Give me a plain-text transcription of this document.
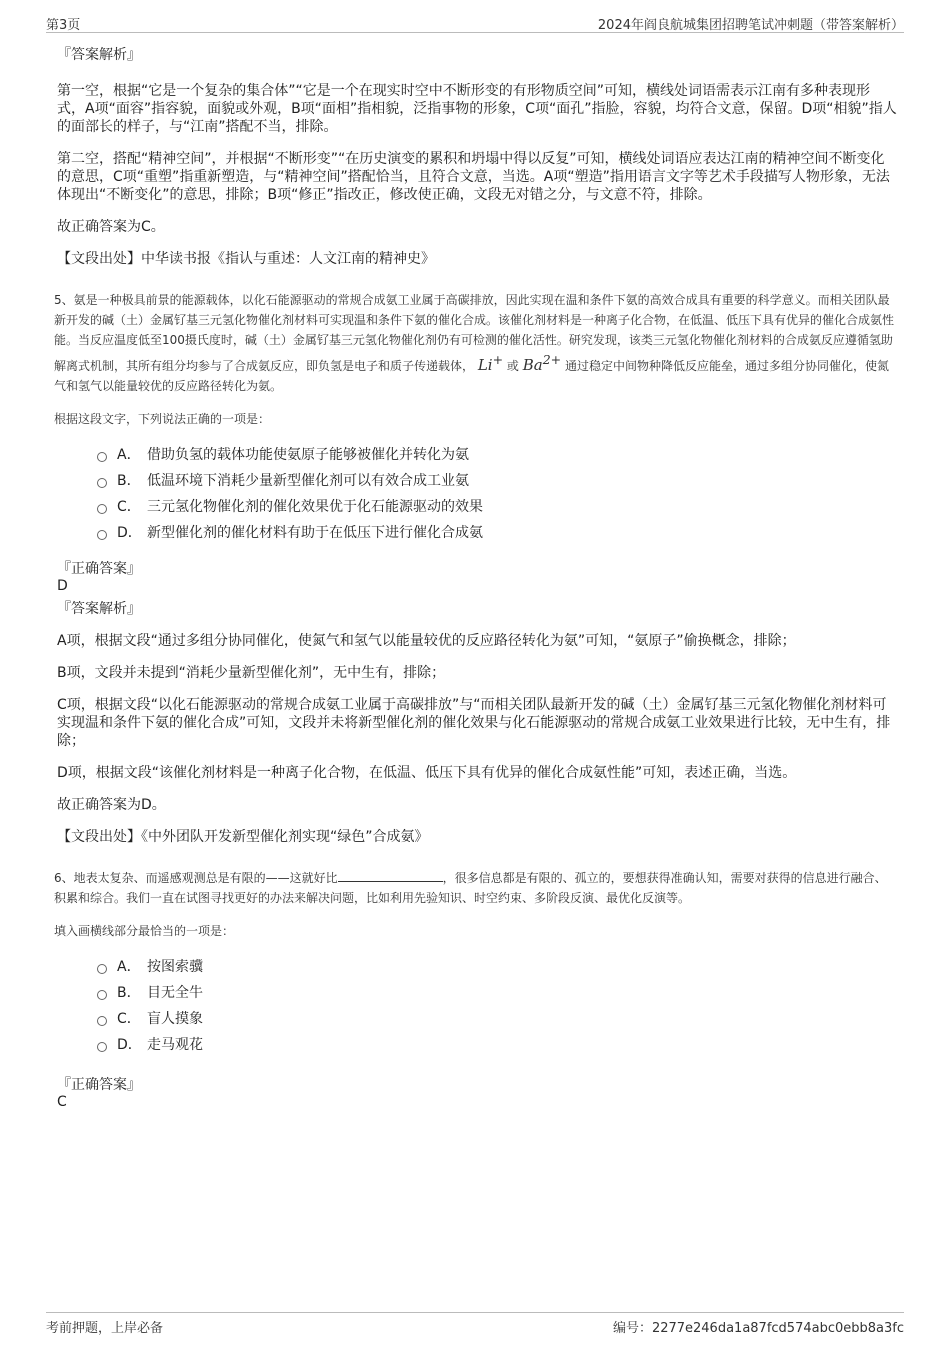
第3页	2024年阎良航城集团招聘笔试冲刺题（带答案解析）
『答案解析』

第一空，根据“它是一个复杂的集合体”“它是一个在现实时空中不断形变的有形物质空间”可知，横线处词语需表示江南有多种表现形式，A项“面容”指容貌，面貌或外观，B项“面相”指相貌，泛指事物的形象，C项“面孔”指脸，容貌，均符合文意，保留。D项“相貌”指人的面部长的样子，与“江南”搭配不当，排除。

第二空，搭配“精神空间”，并根据“不断形变”“在历史演变的累积和坍塌中得以反复”可知，横线处词语应表达江南的精神空间不断变化的意思，C项“重塑”指重新塑造，与“精神空间”搭配恰当，且符合文意，当选。A项“塑造”指用语言文字等艺术手段描写人物形象，无法体现出“不断变化”的意思，排除；B项“修正”指改正，修改使正确，文段无对错之分，与文意不符，排除。

故正确答案为C。

【文段出处】中华读书报《指认与重述：人文江南的精神史》

5、氨是一种极具前景的能源载体，以化石能源驱动的常规合成氨工业属于高碳排放，因此实现在温和条件下氨的高效合成具有重要的科学意义。而相关团队最新开发的碱（土）金属钌基三元氢化物催化剂材料可实现温和条件下氨的催化合成。该催化剂材料是一种离子化合物，在低温、低压下具有优异的催化合成氨性能。当反应温度低至100摄氏度时，碱（土）金属钌基三元氢化物催化剂仍有可检测的催化活性。研究发现，该类三元氢化物催化剂材料的合成氨反应遵循氢助解离式机制，其所有组分均参与了合成氨反应，即负氢是电子和质子传递载体， Li+ 或 $Ba^{2+}$ 通过稳定中间物种降低反应能垒，通过多组分协同催化，使氮气和氢气以能量较优的反应路径转化为氨。

根据这段文字，下列说法正确的一项是：

A． 借助负氢的载体功能使氨原子能够被催化并转化为氨
B． 低温环境下消耗少量新型催化剂可以有效合成工业氨
C． 三元氢化物催化剂的催化效果优于化石能源驱动的效果
D． 新型催化剂的催化材料有助于在低压下进行催化合成氨
『正确答案』
D
『答案解析』

A项，根据文段“通过多组分协同催化，使氮气和氢气以能量较优的反应路径转化为氨”可知，“氨原子”偷换概念，排除；

B项，文段并未提到“消耗少量新型催化剂”，无中生有，排除；

C项，根据文段“以化石能源驱动的常规合成氨工业属于高碳排放”与“而相关团队最新开发的碱（土）金属钌基三元氢化物催化剂材料可实现温和条件下氨的催化合成”可知，文段并未将新型催化剂的催化效果与化石能源驱动的常规合成氨工业效果进行比较，无中生有，排除；

D项，根据文段“该催化剂材料是一种离子化合物，在低温、低压下具有优异的催化合成氨性能”可知，表述正确，当选。

故正确答案为D。

【文段出处】《中外团队开发新型催化剂实现“绿色”合成氨》

6、地表太复杂、而遥感观测总是有限的——这就好比	，很多信息都是有限的、孤立的，要想获得准确认知，需要对获得的信息进行融合、积累和综合。我们一直在试图寻找更好的办法来解决问题，比如利用先验知识、时空约束、多阶段反演、最优化反演等。

填入画横线部分最恰当的一项是：

A． 按图索骥
B． 目无全牛
C． 盲人摸象
D． 走马观花
『正确答案』
C
考前押题，上岸必备	编号：2277e246da1a87fcd574abc0ebb8a3fc
